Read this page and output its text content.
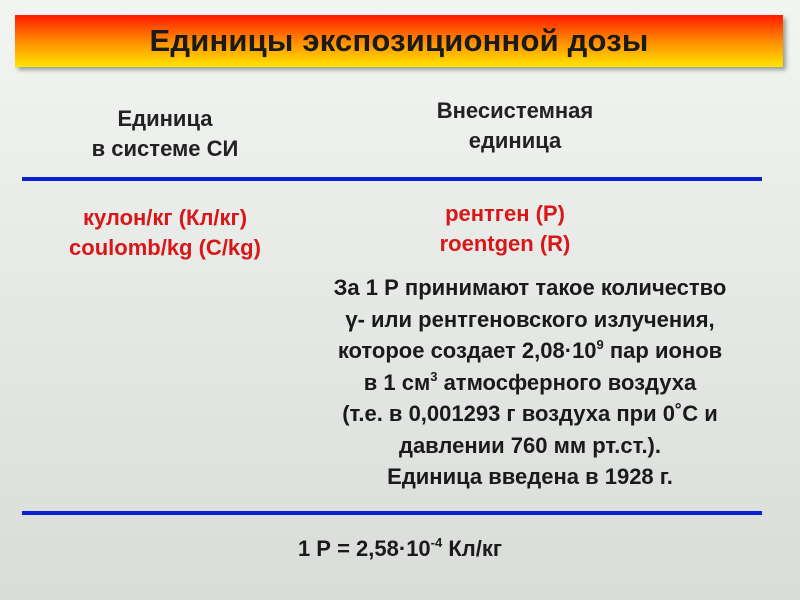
Единицы экспозиционной дозы
Единица
в системе СИ
Внесистемная
единица
кулон/кг (Кл/кг)
coulomb/kg (C/kg)
рентген (Р)
roentgen (R)
За 1 Р принимают такое количество
γ- или рентгеновского излучения,
которое создает $2,08\cdot 10^9$ пар ионов
в 1 $см^3$ атмосферного воздуха
(т.е. в 0,001293 г воздуха при 0˚С и
давлении 760 мм рт.ст.).
Единица введена в 1928 г.
1 $Р = 2,58\cdot 10^{-4}$ Кл/кг
